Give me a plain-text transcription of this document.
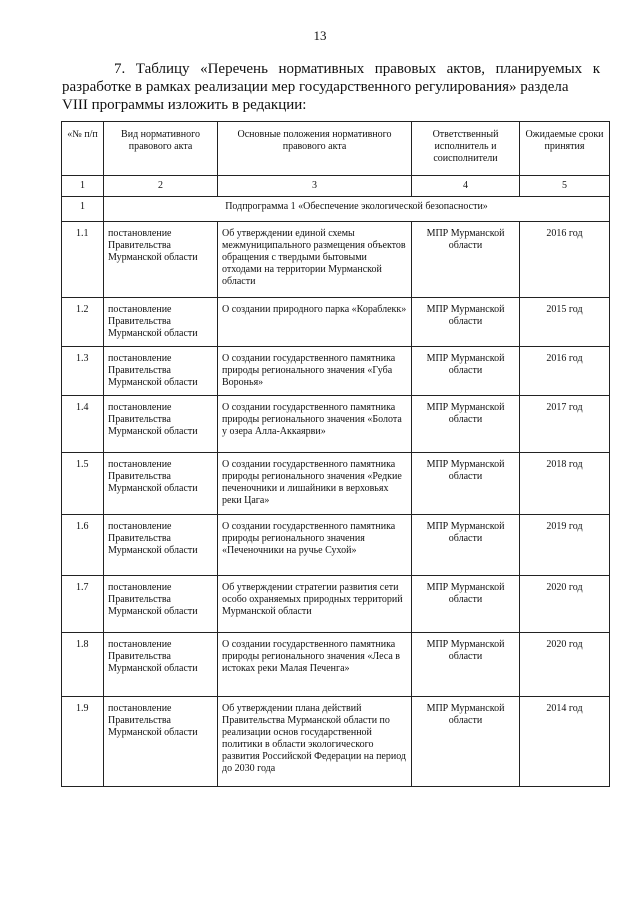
13

7. Таблицу «Перечень нормативных правовых актов, планируемых к

разработке в рамках реализации мер государственного регулирования» раздела

VIII программы изложить в редакции:

«№ п/п	Вид нормативного правового акта	Основные положения нормативного правового акта	Ответственный исполнитель и соисполнители	Ожидаемые сроки принятия
1	2	3	4	5
1	Подпрограмма 1 «Обеспечение экологической безопасности»			
1.1	постановление Правительства Мурманской области	Об утверждении единой схемы межмуниципального размещения объектов обращения с твердыми бытовыми отходами на территории Мурманской области	МПР Мурманской области	2016 год
1.2	постановление Правительства Мурманской области	О создании природного парка «Кораблекк»	МПР Мурманской области	2015 год
1.3	постановление Правительства Мурманской области	О создании государственного памятника природы регионального значения «Губа Воронья»	МПР Мурманской области	2016 год
1.4	постановление Правительства Мурманской области	О создании государственного памятника природы регионального значения «Болота у озера Алла-Аккаярви»	МПР Мурманской области	2017 год
1.5	постановление Правительства Мурманской области	О создании государственного памятника природы регионального значения «Редкие печеночники и лишайники в верховьях реки Цага»	МПР Мурманской области	2018 год
1.6	постановление Правительства Мурманской области	О создании государственного памятника природы регионального значения «Печеночники на ручье Сухой»	МПР Мурманской области	2019 год
1.7	постановление Правительства Мурманской области	Об утверждении стратегии развития сети особо охраняемых природных территорий Мурманской области	МПР Мурманской области	2020 год
1.8	постановление Правительства Мурманской области	О создании государственного памятника природы регионального значения «Леса в истоках реки Малая Печенга»	МПР Мурманской области	2020 год
1.9	постановление Правительства Мурманской области	Об утверждении плана действий Правительства Мурманской области по реализации основ государственной политики в области экологического развития Российской Федерации на период до 2030 года	МПР Мурманской области	2014 год
